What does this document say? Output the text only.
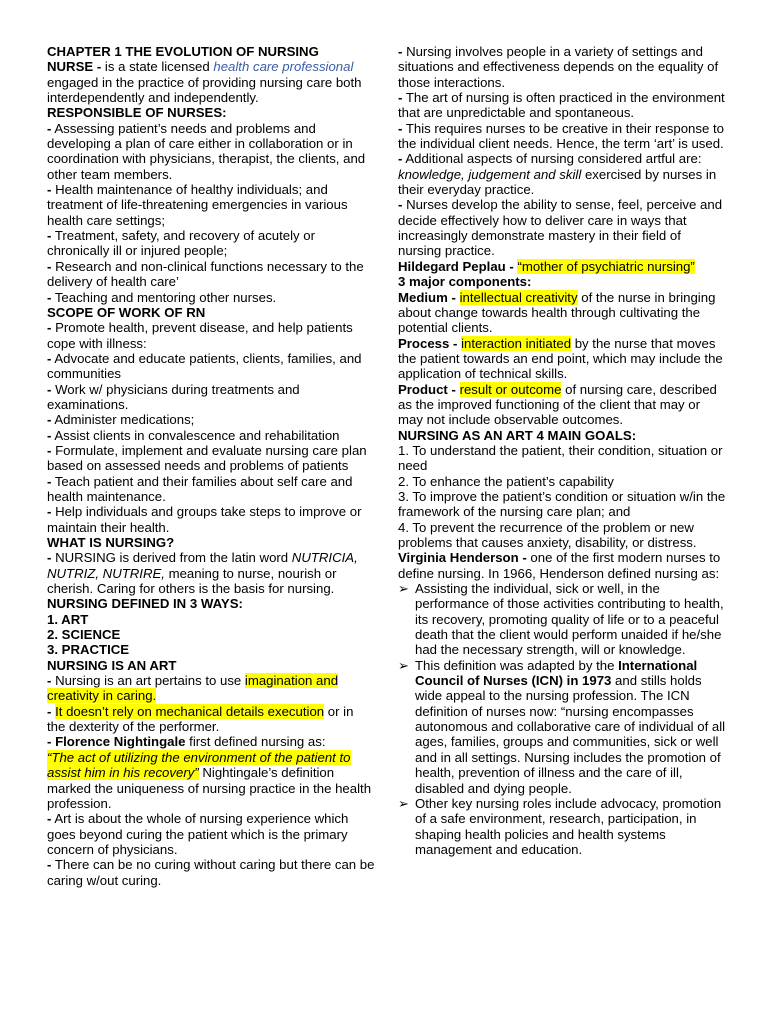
CHAPTER 1 THE EVOLUTION OF NURSING

NURSE - is a state licensed health care professional engaged in the practice of providing nursing care both interdependently and independently.

RESPONSIBLE OF NURSES:

- Assessing patient’s needs and problems and developing a plan of care either in collaboration or in coordination with physicians, therapist, the clients, and other team members.

- Health maintenance of healthy individuals; and treatment of life-threatening emergencies in various health care settings;

- Treatment, safety, and recovery of acutely or chronically ill or injured people;

- Research and non-clinical functions necessary to the delivery of health care’

- Teaching and mentoring other nurses.

SCOPE OF WORK OF RN

- Promote health, prevent disease, and help patients cope with illness:

- Advocate and educate patients, clients, families, and communities

- Work w/ physicians during treatments and examinations.

- Administer medications;

- Assist clients in convalescence and rehabilitation

- Formulate, implement and evaluate nursing care plan based on assessed needs and problems of patients

- Teach patient and their families about self care and health maintenance.

- Help individuals and groups take steps to improve or maintain their health.

WHAT IS NURSING?

- NURSING is derived from the latin word NUTRICIA, NUTRIZ, NUTRIRE, meaning to nurse, nourish or cherish. Caring for others is the basis for nursing.

NURSING DEFINED IN 3 WAYS:

1. ART

2. SCIENCE

3. PRACTICE

NURSING IS AN ART

- Nursing is an art pertains to use imagination and creativity in caring.

- It doesn’t rely on mechanical details execution or in the dexterity of the performer.

- Florence Nightingale first defined nursing as:
“The act of utilizing the environment of the patient to assist him in his recovery” Nightingale’s definition marked the uniqueness of nursing practice in the health profession.

- Art is about the whole of nursing experience which goes beyond curing the patient which is the primary concern of physicians.

- There can be no curing without caring but there can be caring w/out curing.

- Nursing involves people in a variety of settings and situations and effectiveness depends on the equality of those interactions.

- The art of nursing is often practiced in the environment that are unpredictable and spontaneous.

- This requires nurses to be creative in their response to the individual client needs. Hence, the term ‘art’ is used.

- Additional aspects of nursing considered artful are: knowledge, judgement and skill exercised by nurses in their everyday practice.

- Nurses develop the ability to sense, feel, perceive and decide effectively how to deliver care in ways that increasingly demonstrate mastery in their field of nursing practice.

Hildegard Peplau - “mother of psychiatric nursing”

3 major components:

Medium - intellectual creativity of the nurse in bringing about change towards health through cultivating the potential clients.

Process - interaction initiated by the nurse that moves the patient towards an end point, which may include the application of technical skills.

Product - result or outcome of nursing care, described as the improved functioning of the client that may or may not include observable outcomes.

NURSING AS AN ART 4 MAIN GOALS:

1. To understand the patient, their condition, situation or need

2. To enhance the patient’s capability

3. To improve the patient’s condition or situation w/in the framework of the nursing care plan; and

4. To prevent the recurrence of the problem or new problems that causes anxiety, disability, or distress.

Virginia Henderson - one of the first modern nurses to define nursing. In 1966, Henderson defined nursing as:

➢ Assisting the individual, sick or well, in the performance of those activities contributing to health, its recovery, promoting quality of life or to a peaceful death that the client would perform unaided if he/she had the necessary strength, will or knowledge.

➢ This definition was adapted by the International Council of Nurses (ICN) in 1973 and stills holds wide appeal to the nursing profession. The ICN definition of nurses now: “nursing encompasses autonomous and collaborative care of individual of all ages, families, groups and communities, sick or well and in all settings. Nursing includes the promotion of health, prevention of illness and the care of ill, disabled and dying people.

➢ Other key nursing roles include advocacy, promotion of a safe environment, research, participation, in shaping health policies and health systems management and education.
